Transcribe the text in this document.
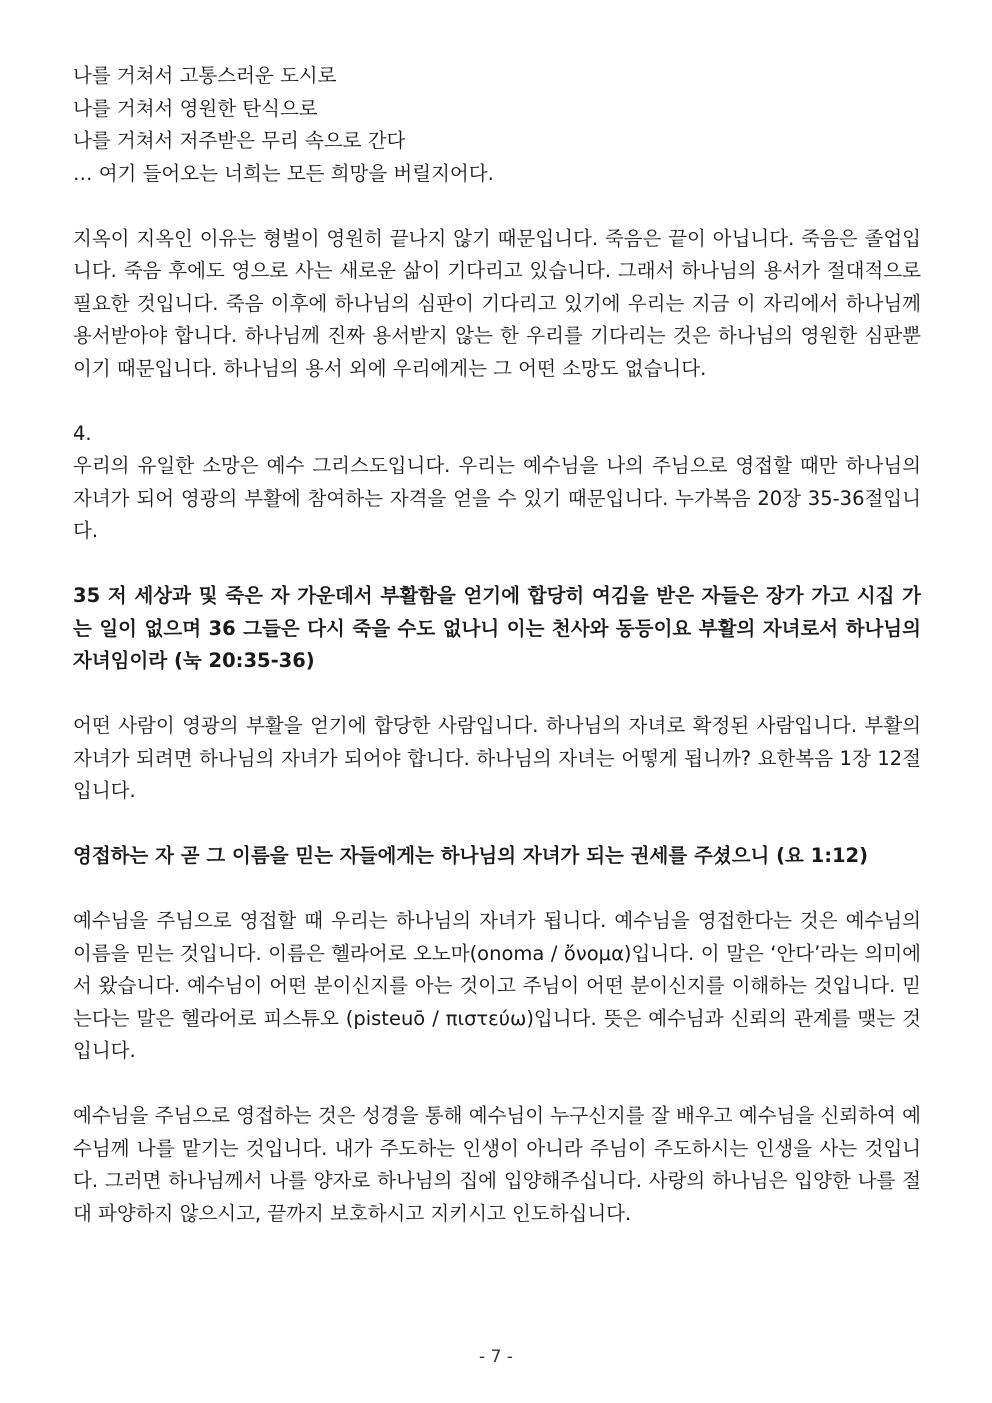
나를 거쳐서 고통스러운 도시로
나를 거쳐서 영원한 탄식으로
나를 거쳐서 저주받은 무리 속으로 간다
… 여기 들어오는 너희는 모든 희망을 버릴지어다.

지옥이 지옥인 이유는 형벌이 영원히 끝나지 않기 때문입니다. 죽음은 끝이 아닙니다. 죽음은 졸업입니다. 죽음 후에도 영으로 사는 새로운 삶이 기다리고 있습니다. 그래서 하나님의 용서가 절대적으로 필요한 것입니다. 죽음 이후에 하나님의 심판이 기다리고 있기에 우리는 지금 이 자리에서 하나님께 용서받아야 합니다. 하나님께 진짜 용서받지 않는 한 우리를 기다리는 것은 하나님의 영원한 심판뿐이기 때문입니다. 하나님의 용서 외에 우리에게는 그 어떤 소망도 없습니다.

4.

우리의 유일한 소망은 예수 그리스도입니다. 우리는 예수님을 나의 주님으로 영접할 때만 하나님의 자녀가 되어 영광의 부활에 참여하는 자격을 얻을 수 있기 때문입니다. 누가복음 20장 35-36절입니다.

35 저 세상과 및 죽은 자 가운데서 부활함을 얻기에 합당히 여김을 받은 자들은 장가 가고 시집 가는 일이 없으며 36 그들은 다시 죽을 수도 없나니 이는 천사와 동등이요 부활의 자녀로서 하나님의 자녀임이라 (눅 20:35-36)

어떤 사람이 영광의 부활을 얻기에 합당한 사람입니다. 하나님의 자녀로 확정된 사람입니다. 부활의 자녀가 되려면 하나님의 자녀가 되어야 합니다. 하나님의 자녀는 어떻게 됩니까? 요한복음 1장 12절입니다.

영접하는 자 곧 그 이름을 믿는 자들에게는 하나님의 자녀가 되는 권세를 주셨으니 (요 1:12)

예수님을 주님으로 영접할 때 우리는 하나님의 자녀가 됩니다. 예수님을 영접한다는 것은 예수님의 이름을 믿는 것입니다. 이름은 헬라어로 오노마(onoma / ὄνομα)입니다. 이 말은 ‘안다’라는 의미에서 왔습니다. 예수님이 어떤 분이신지를 아는 것이고 주님이 어떤 분이신지를 이해하는 것입니다. 믿는다는 말은 헬라어로 피스튜오 (pisteuō / πιστεύω)입니다. 뜻은 예수님과 신뢰의 관계를 맺는 것입니다.

예수님을 주님으로 영접하는 것은 성경을 통해 예수님이 누구신지를 잘 배우고 예수님을 신뢰하여 예수님께 나를 맡기는 것입니다. 내가 주도하는 인생이 아니라 주님이 주도하시는 인생을 사는 것입니다. 그러면 하나님께서 나를 양자로 하나님의 집에 입양해주십니다. 사랑의 하나님은 입양한 나를 절대 파양하지 않으시고, 끝까지 보호하시고 지키시고 인도하십니다.

- 7 -
